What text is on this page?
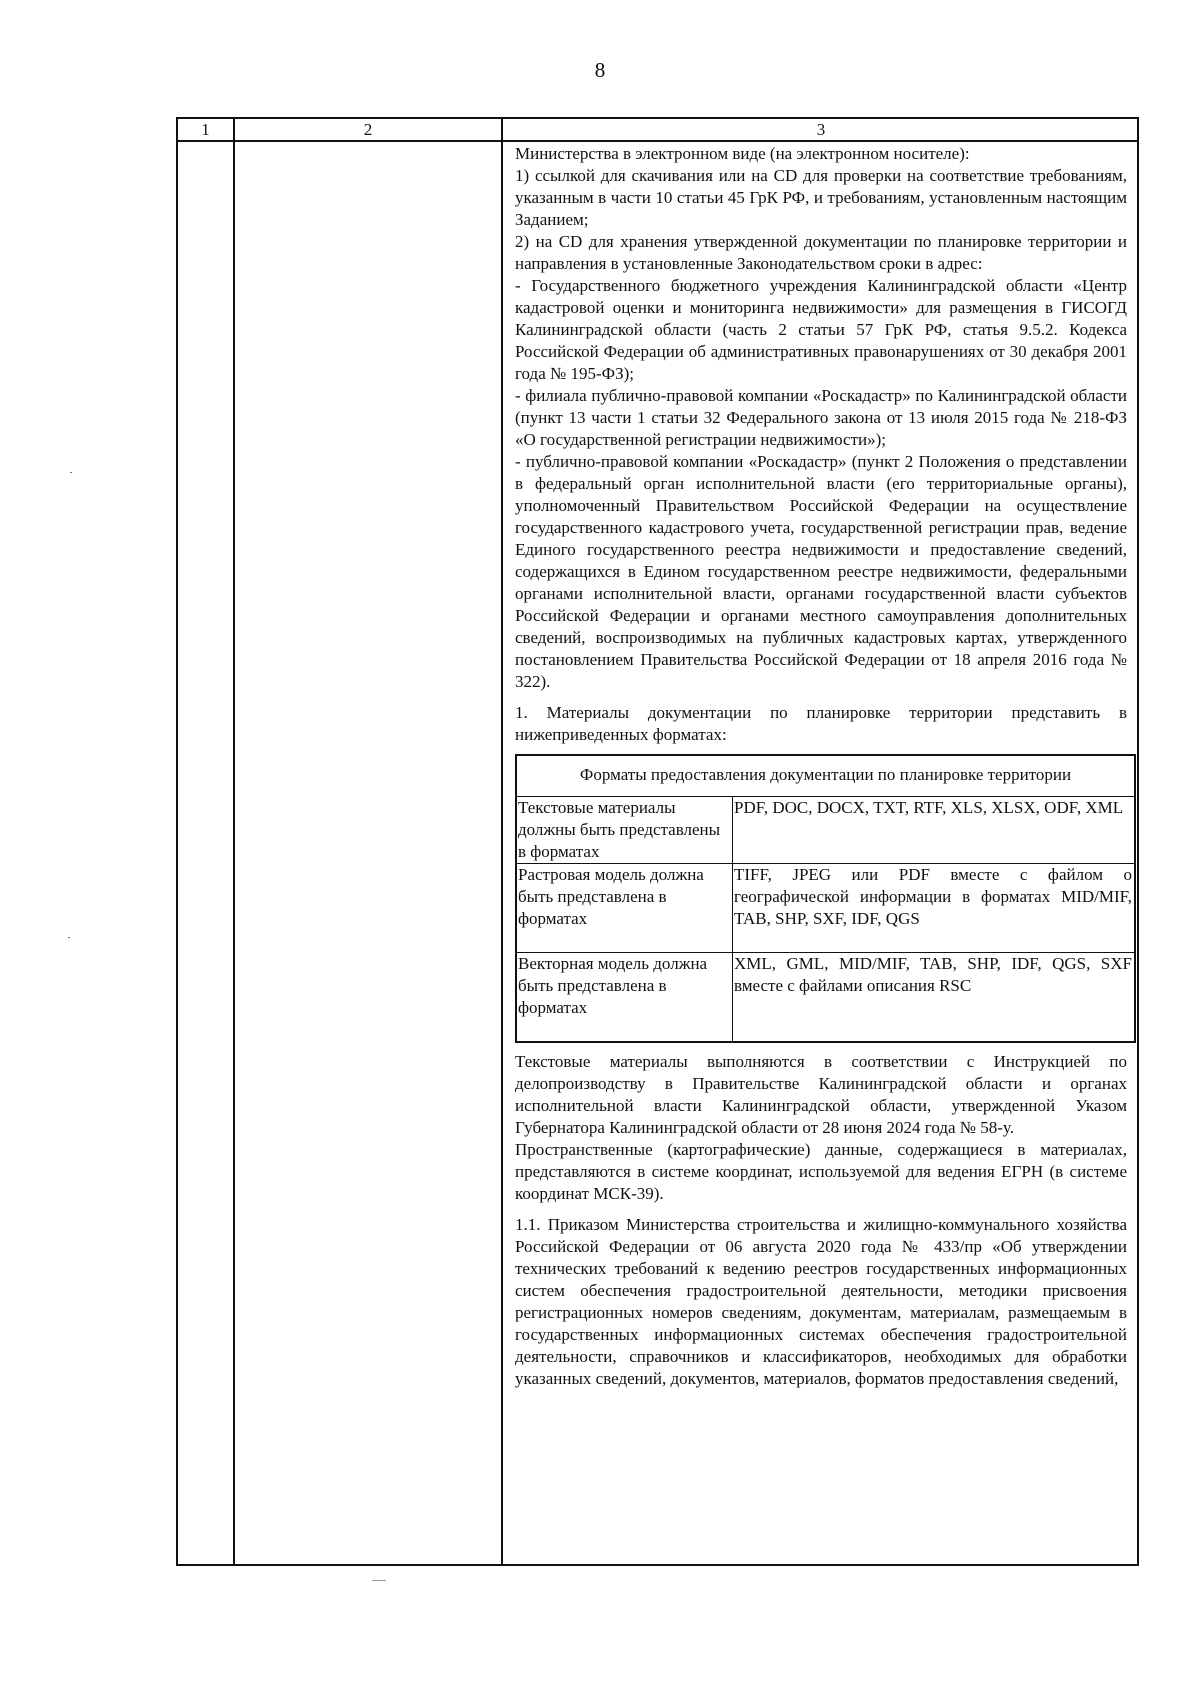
8
1	2	3

Министерства в электронном виде (на электронном носителе):

1) ссылкой для скачивания или на CD для проверки на соответствие требованиям, указанным в части 10 статьи 45 ГрК РФ, и требованиям, установленным настоящим Заданием;

2) на CD для хранения утвержденной документации по планировке территории и направления в установленные Законодательством сроки в адрес:

- Государственного бюджетного учреждения Калининградской области «Центр кадастровой оценки и мониторинга недвижимости» для размещения в ГИСОГД Калининградской области (часть 2 статьи 57 ГрК РФ, статья 9.5.2. Кодекса Российской Федерации об административных правонарушениях от 30 декабря 2001 года № 195-ФЗ);

- филиала публично-правовой компании «Роскадастр» по Калининградской области (пункт 13 части 1 статьи 32 Федерального закона от 13 июля 2015 года № 218-ФЗ «О государственной регистрации недвижимости»);

- публично-правовой компании «Роскадастр» (пункт 2 Положения о представлении в федеральный орган исполнительной власти (его территориальные органы), уполномоченный Правительством Российской Федерации на осуществление государственного кадастрового учета, государственной регистрации прав, ведение Единого государственного реестра недвижимости и предоставление сведений, содержащихся в Едином государственном реестре недвижимости, федеральными органами исполнительной власти, органами государственной власти субъектов Российской Федерации и органами местного самоуправления дополнительных сведений, воспроизводимых на публичных кадастровых картах, утвержденного постановлением Правительства Российской Федерации от 18 апреля 2016 года № 322).

1. Материалы документации по планировке территории представить в нижеприведенных форматах:

Форматы предоставления документации по планировке территории	
Текстовые материалы должны быть представлены в форматах	PDF, DOC, DOCX, TXT, RTF, XLS, XLSX, ODF, XML
Растровая модель должна быть представлена в форматах	TIFF, JPEG или PDF вместе с файлом о географической информации в форматах MID/MIF, TAB, SHP, SXF, IDF, QGS
Векторная модель должна быть представлена в форматах	XML, GML, MID/MIF, TAB, SHP, IDF, QGS, SXF вместе с файлами описания RSC

Текстовые материалы выполняются в соответствии с Инструкцией по делопроизводству в Правительстве Калининградской области и органах исполнительной власти Калининградской области, утвержденной Указом Губернатора Калининградской области от 28 июня 2024 года № 58-у.

Пространственные (картографические) данные, содержащиеся в материалах, представляются в системе координат, используемой для ведения ЕГРН (в системе координат МСК-39).

1.1. Приказом Министерства строительства и жилищно-коммунального хозяйства Российской Федерации от 06 августа 2020 года № 433/пр «Об утверждении технических требований к ведению реестров государственных информационных систем обеспечения градостроительной деятельности, методики присвоения регистрационных номеров сведениям, документам, материалам, размещаемым в государственных информационных системах обеспечения градостроительной деятельности, справочников и классификаторов, необходимых для обработки указанных сведений, документов, материалов, форматов предоставления сведений,
